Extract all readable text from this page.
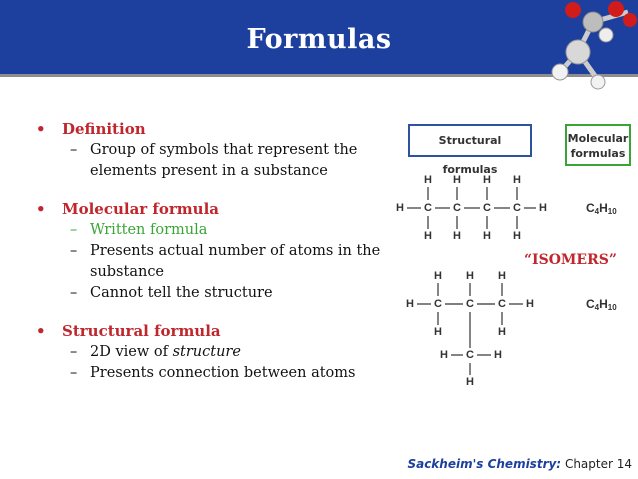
Formulas
• Definition
– Group of symbols that represent the
elements present in a substance
• Molecular formula
– Written formula
– Presents actual number of atoms in the
substance
– Cannot tell the structure
• Structural formula
– 2D view of structure
– Presents connection between atoms
Structural formulas
Molecular
formulas
H C C C C H
H H H H
H H H H
H C C C H
H H H
H	H
H C H
H
$C_4H_{10}$
$C_4H_{10}$
“ISOMERS”
Sackheim's Chemistry: Chapter 14
